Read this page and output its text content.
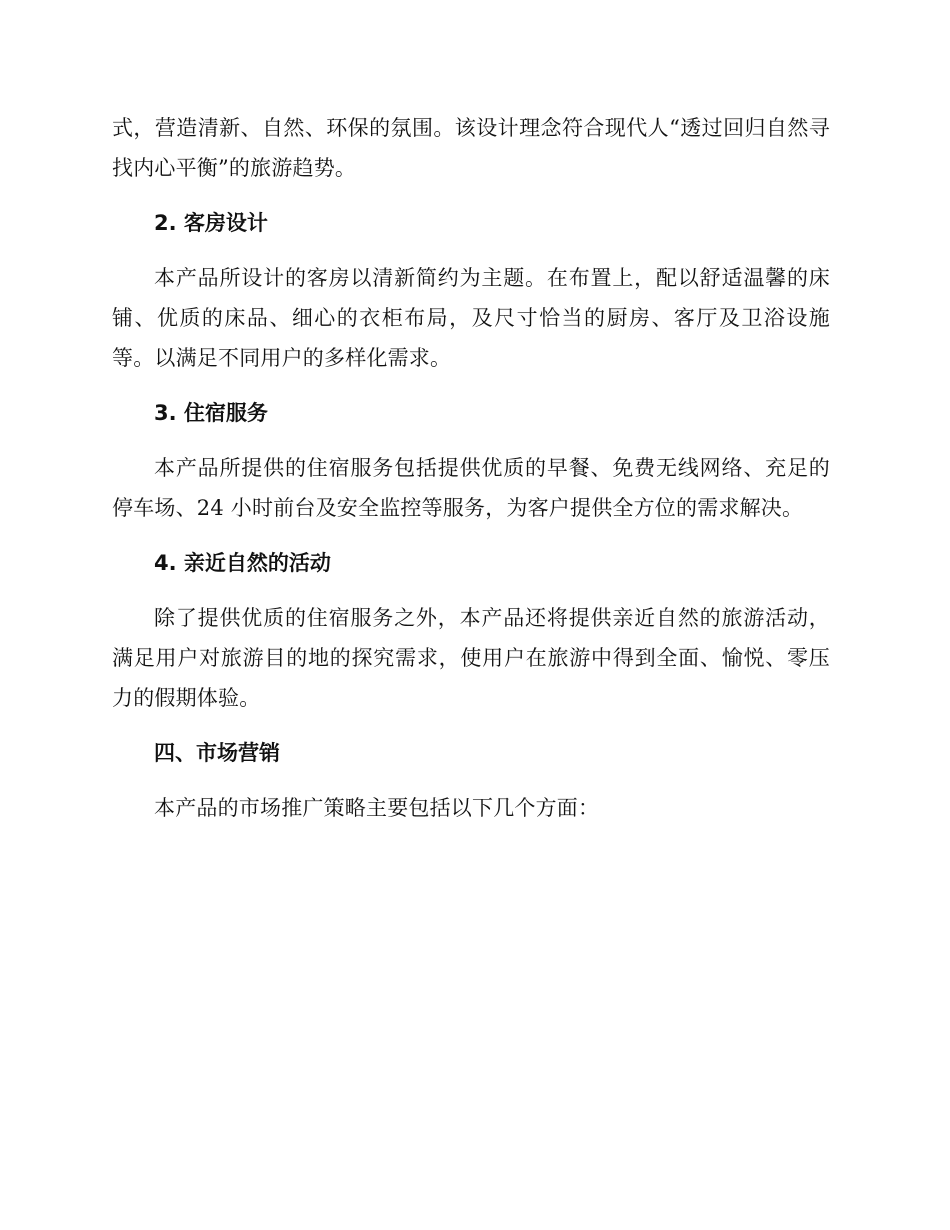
式，营造清新、自然、环保的氛围。该设计理念符合现代人“透过回归自然寻找内心平衡”的旅游趋势。

2. 客房设计

本产品所设计的客房以清新简约为主题。在布置上，配以舒适温馨的床铺、优质的床品、细心的衣柜布局，及尺寸恰当的厨房、客厅及卫浴设施等。以满足不同用户的多样化需求。

3. 住宿服务

本产品所提供的住宿服务包括提供优质的早餐、免费无线网络、充足的停车场、24 小时前台及安全监控等服务，为客户提供全方位的需求解决。

4. 亲近自然的活动

除了提供优质的住宿服务之外，本产品还将提供亲近自然的旅游活动，满足用户对旅游目的地的探究需求，使用户在旅游中得到全面、愉悦、零压力的假期体验。

四、市场营销

本产品的市场推广策略主要包括以下几个方面：
